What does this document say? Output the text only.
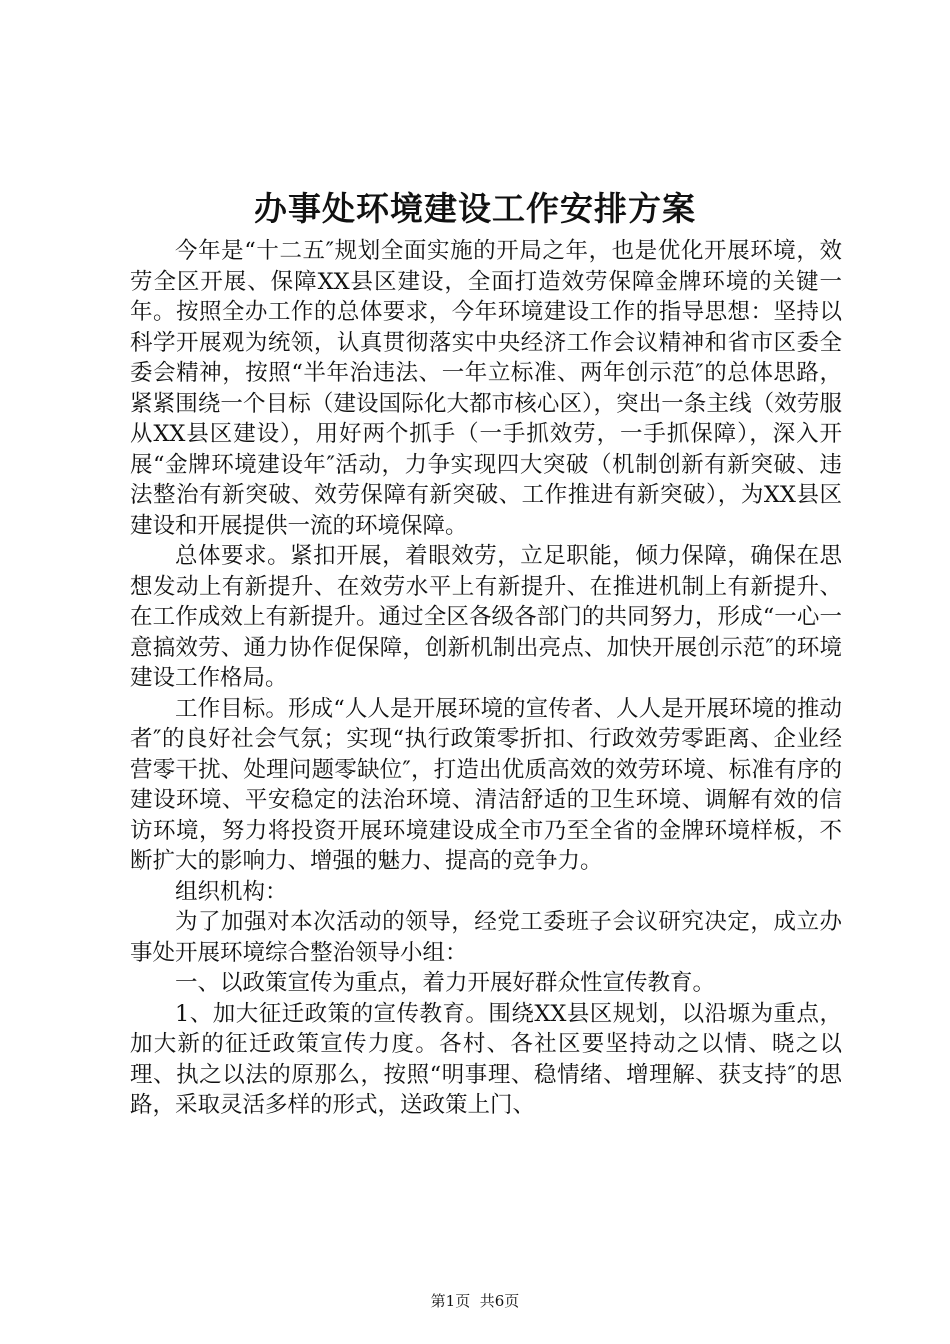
办事处环境建设工作安排方案

今年是“十二五″规划全面实施的开局之年，也是优化开展环境，效劳全区开展、保障XX县区建设，全面打造效劳保障金牌环境的关键一年。按照全办工作的总体要求，今年环境建设工作的指导思想：坚持以科学开展观为统领，认真贯彻落实中央经济工作会议精神和省市区委全委会精神，按照“半年治违法、一年立标准、两年创示范″的总体思路，紧紧围绕一个目标（建设国际化大都市核心区），突出一条主线（效劳服从XX县区建设），用好两个抓手（一手抓效劳，一手抓保障），深入开展“金牌环境建设年″活动，力争实现四大突破（机制创新有新突破、违法整治有新突破、效劳保障有新突破、工作推进有新突破），为XX县区建设和开展提供一流的环境保障。

总体要求。紧扣开展，着眼效劳，立足职能，倾力保障，确保在思想发动上有新提升、在效劳水平上有新提升、在推进机制上有新提升、在工作成效上有新提升。通过全区各级各部门的共同努力，形成“一心一意搞效劳、通力协作促保障，创新机制出亮点、加快开展创示范″的环境建设工作格局。

工作目标。形成“人人是开展环境的宣传者、人人是开展环境的推动者″的良好社会气氛；实现“执行政策零折扣、行政效劳零距离、企业经营零干扰、处理问题零缺位″，打造出优质高效的效劳环境、标准有序的建设环境、平安稳定的法治环境、清洁舒适的卫生环境、调解有效的信访环境，努力将投资开展环境建设成全市乃至全省的金牌环境样板，不断扩大的影响力、增强的魅力、提高的竞争力。

组织机构：

为了加强对本次活动的领导，经党工委班子会议研究决定，成立办事处开展环境综合整治领导小组：

一、以政策宣传为重点，着力开展好群众性宣传教育。

1、加大征迁政策的宣传教育。围绕XX县区规划，以沿塬为重点，加大新的征迁政策宣传力度。各村、各社区要坚持动之以情、晓之以理、执之以法的原那么，按照“明事理、稳情绪、增理解、获支持″的思路，采取灵活多样的形式，送政策上门、

第1页 共6页
